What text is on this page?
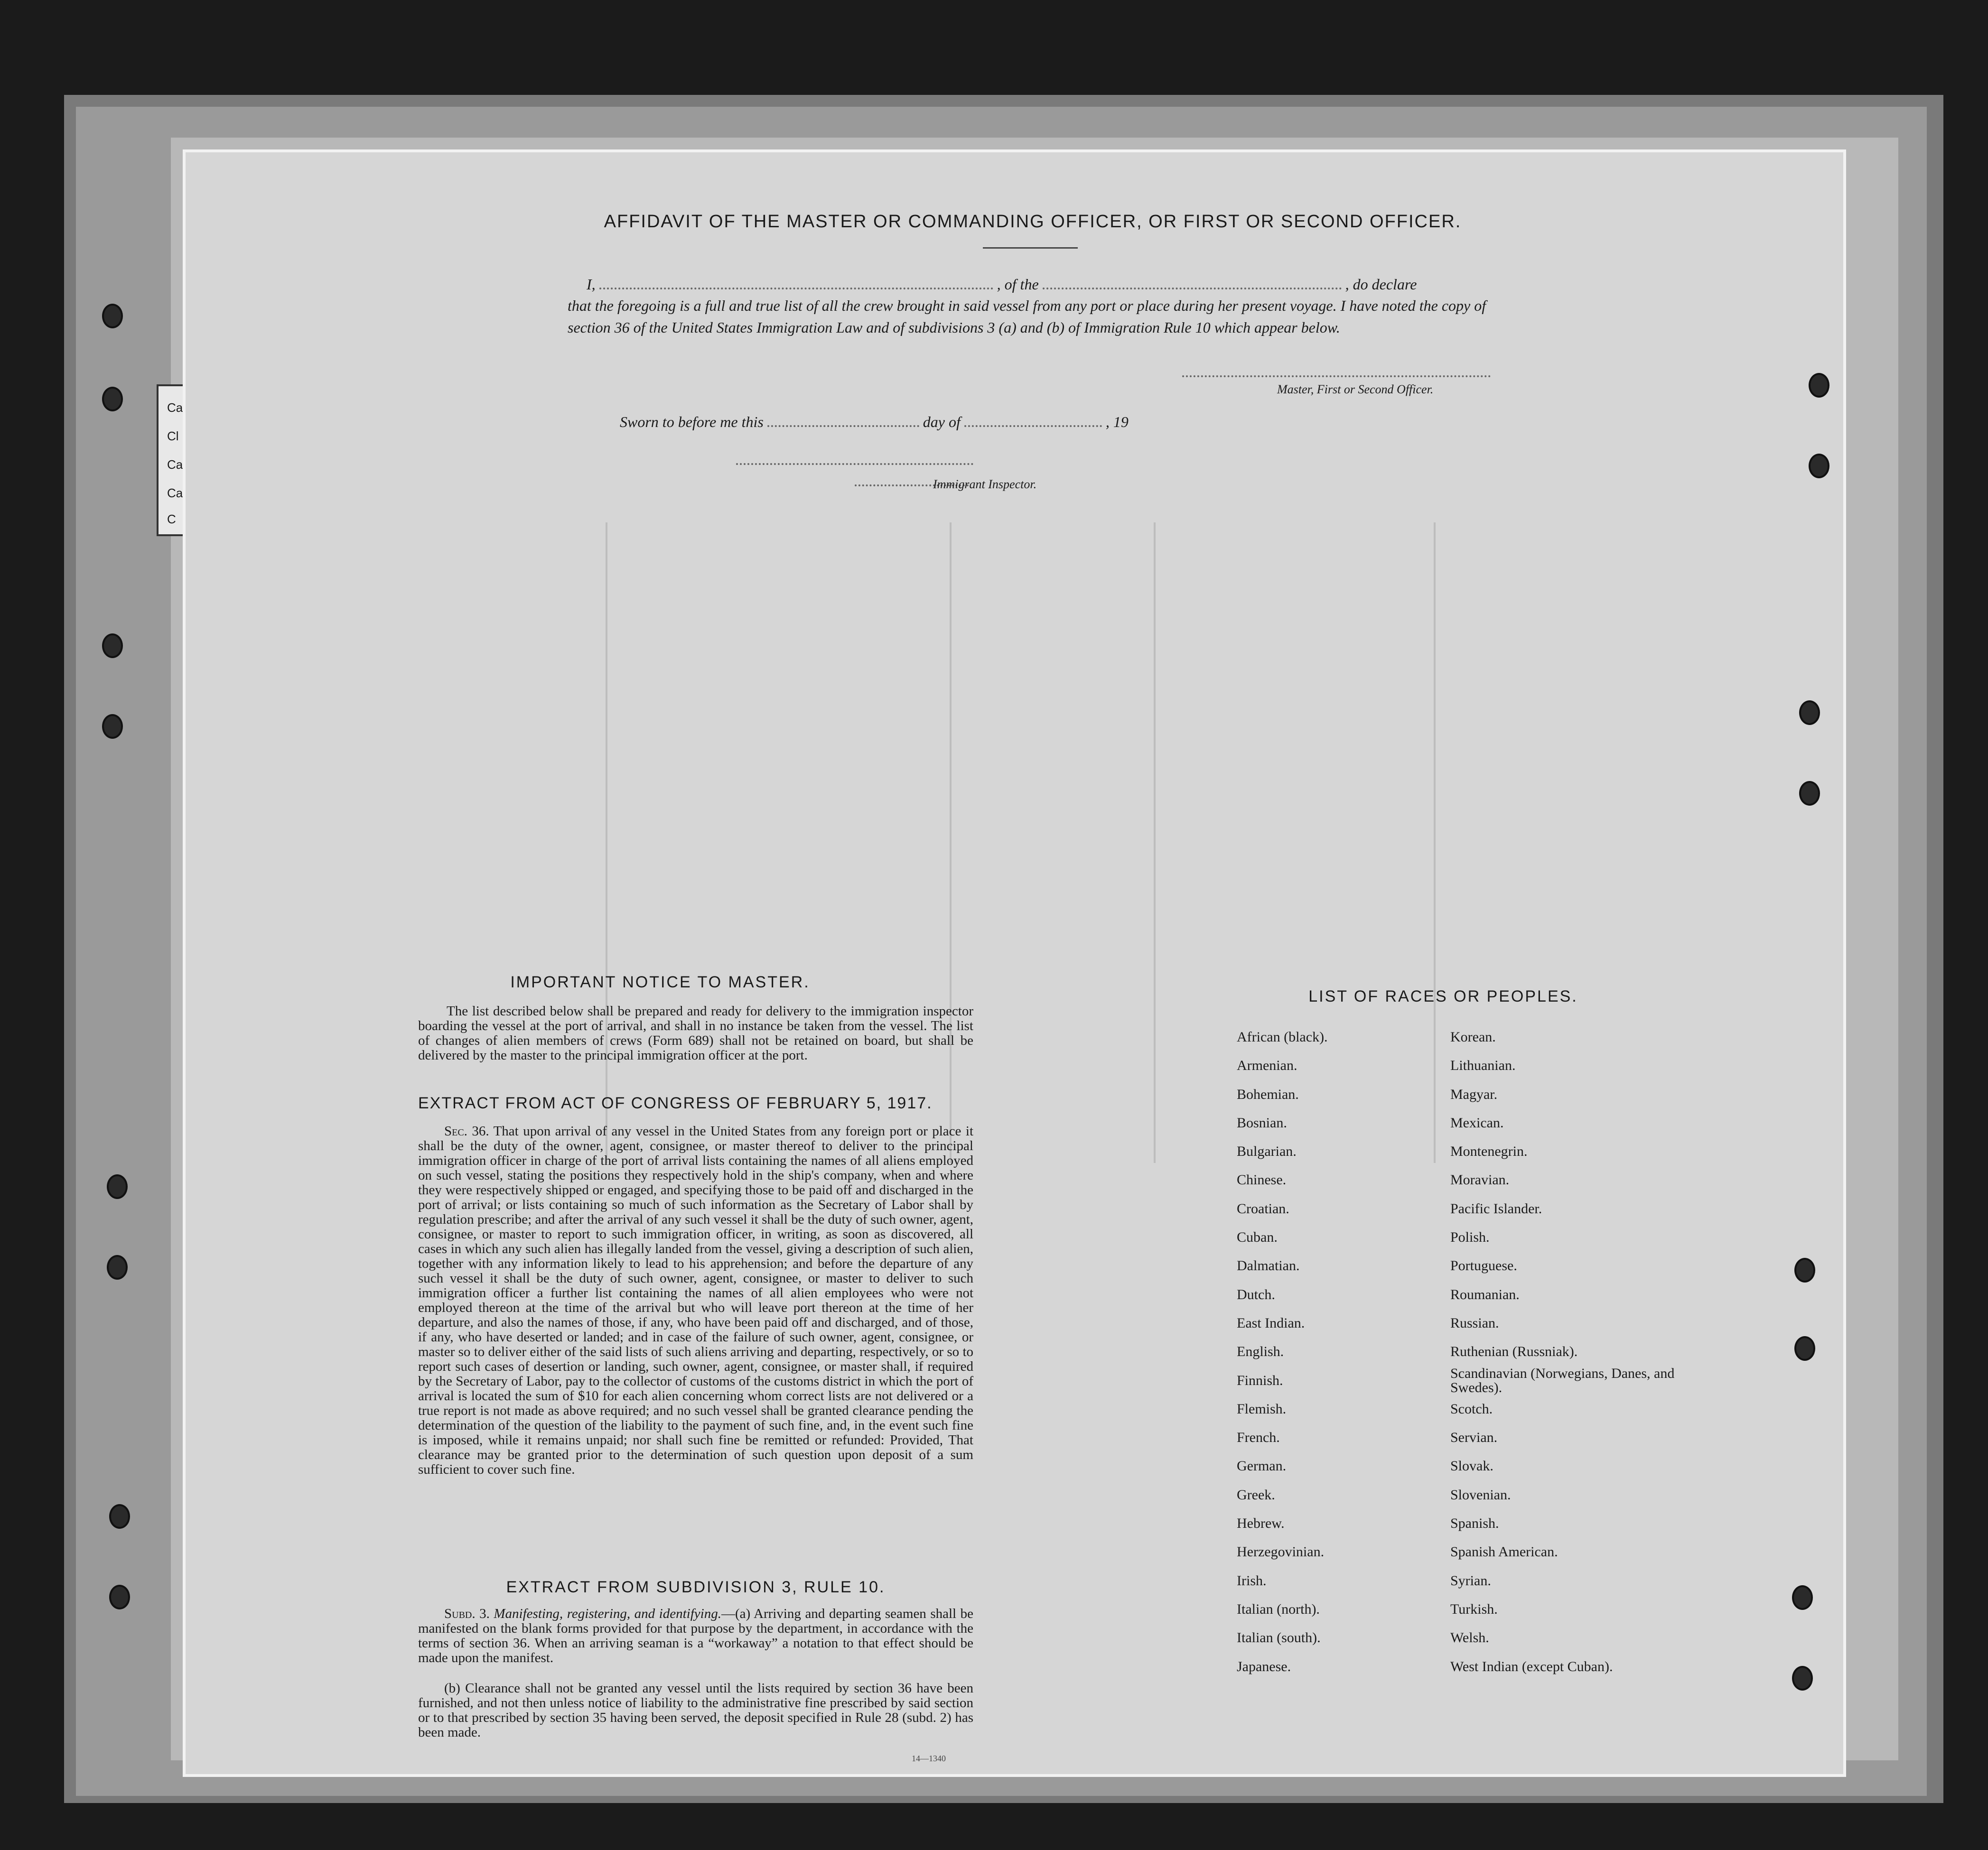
Ca
Cl
Ca
Ca
C
AFFIDAVIT OF THE MASTER OR COMMANDING OFFICER, OR FIRST OR SECOND OFFICER.
I,	, of the	, do declare
that the foregoing is a full and true list of all the crew brought in said vessel from any port or place during her present voyage. I have noted the copy of section 36 of the United States Immigration Law and of subdivisions 3 (a) and (b) of Immigration Rule 10 which appear below.
Master, First or Second Officer.
Sworn to before me this	day of	, 19
Immigrant Inspector.
IMPORTANT NOTICE TO MASTER.
The list described below shall be prepared and ready for delivery to the immigration inspector boarding the vessel at the port of arrival, and shall in no instance be taken from the vessel. The list of changes of alien members of crews (Form 689) shall not be retained on board, but shall be delivered by the master to the principal immigration officer at the port.
EXTRACT FROM ACT OF CONGRESS OF FEBRUARY 5, 1917.
Sec. 36. That upon arrival of any vessel in the United States from any foreign port or place it shall be the duty of the owner, agent, consignee, or master thereof to deliver to the principal immigration officer in charge of the port of arrival lists containing the names of all aliens employed on such vessel, stating the positions they respectively hold in the ship's company, when and where they were respectively shipped or engaged, and specifying those to be paid off and discharged in the port of arrival; or lists containing so much of such information as the Secretary of Labor shall by regulation prescribe; and after the arrival of any such vessel it shall be the duty of such owner, agent, consignee, or master to report to such immigration officer, in writing, as soon as discovered, all cases in which any such alien has illegally landed from the vessel, giving a description of such alien, together with any information likely to lead to his apprehension; and before the departure of any such vessel it shall be the duty of such owner, agent, consignee, or master to deliver to such immigration officer a further list containing the names of all alien employees who were not employed thereon at the time of the arrival but who will leave port thereon at the time of her departure, and also the names of those, if any, who have been paid off and discharged, and of those, if any, who have deserted or landed; and in case of the failure of such owner, agent, consignee, or master so to deliver either of the said lists of such aliens arriving and departing, respectively, or so to report such cases of desertion or landing, such owner, agent, consignee, or master shall, if required by the Secretary of Labor, pay to the collector of customs of the customs district in which the port of arrival is located the sum of $10 for each alien concerning whom correct lists are not delivered or a true report is not made as above required; and no such vessel shall be granted clearance pending the determination of the question of the liability to the payment of such fine, and, in the event such fine is imposed, while it remains unpaid; nor shall such fine be remitted or refunded: Provided, That clearance may be granted prior to the determination of such question upon deposit of a sum sufficient to cover such fine.
EXTRACT FROM SUBDIVISION 3, RULE 10.
Subd. 3. Manifesting, registering, and identifying.—(a) Arriving and departing seamen shall be manifested on the blank forms provided for that purpose by the department, in accordance with the terms of section 36. When an arriving seaman is a “workaway” a notation to that effect should be made upon the manifest.
(b) Clearance shall not be granted any vessel until the lists required by section 36 have been furnished, and not then unless notice of liability to the administrative fine prescribed by said section or to that prescribed by section 35 having been served, the deposit specified in Rule 28 (subd. 2) has been made.
14—1340
LIST OF RACES OR PEOPLES.
African (black).
Armenian.
Bohemian.
Bosnian.
Bulgarian.
Chinese.
Croatian.
Cuban.
Dalmatian.
Dutch.
East Indian.
English.
Finnish.
Flemish.
French.
German.
Greek.
Hebrew.
Herzegovinian.
Irish.
Italian (north).
Italian (south).
Japanese.
Korean.
Lithuanian.
Magyar.
Mexican.
Montenegrin.
Moravian.
Pacific Islander.
Polish.
Portuguese.
Roumanian.
Russian.
Ruthenian (Russniak).
Scandinavian (Norwegians, Danes, and Swedes).
Scotch.
Servian.
Slovak.
Slovenian.
Spanish.
Spanish American.
Syrian.
Turkish.
Welsh.
West Indian (except Cuban).
